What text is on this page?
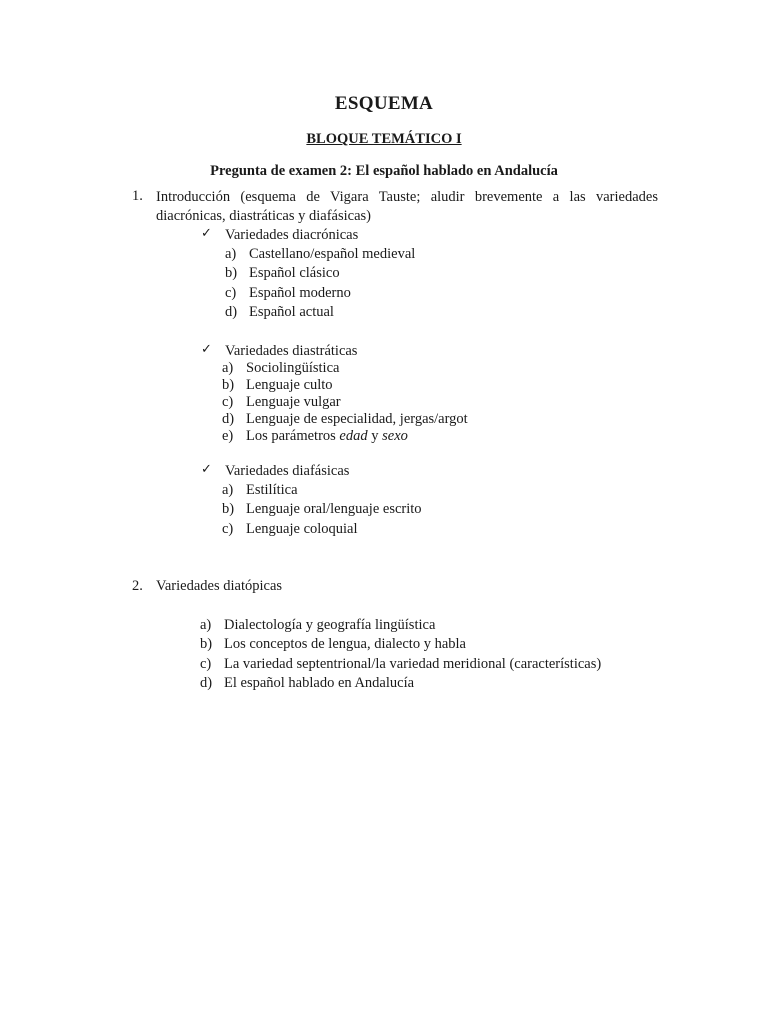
ESQUEMA
BLOQUE TEMÁTICO I
Pregunta de examen 2: El español hablado en Andalucía
1. Introducción (esquema de Vigara Tauste; aludir brevemente a las variedades diacrónicas, diastráticas y diafásicas)
✓ Variedades diacrónicas
a) Castellano/español medieval
b) Español clásico
c) Español moderno
d) Español actual
✓ Variedades diastráticas
a) Sociolingüística
b) Lenguaje culto
c) Lenguaje vulgar
d) Lenguaje de especialidad, jergas/argot
e) Los parámetros edad y sexo
✓ Variedades diafásicas
a) Estilítica
b) Lenguaje oral/lenguaje escrito
c) Lenguaje coloquial
2. Variedades diatópicas
a) Dialectología y geografía lingüística
b) Los conceptos de lengua, dialecto y habla
c) La variedad septentrional/la variedad meridional (características)
d) El español hablado en Andalucía
